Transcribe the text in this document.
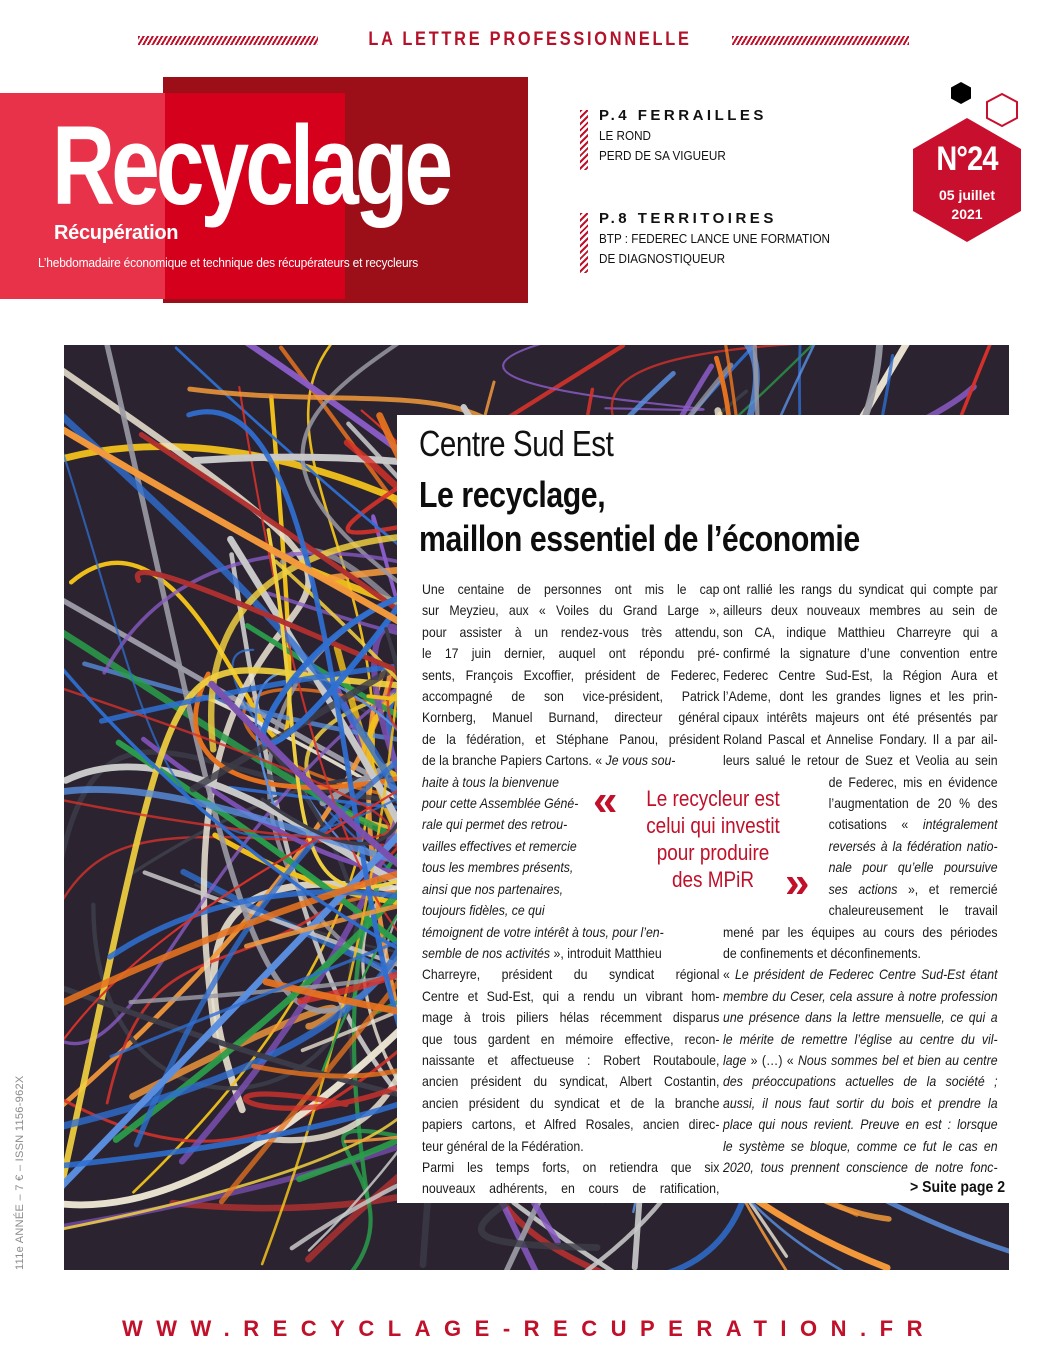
LA LETTRE PROFESSIONNELLE
Recyclage
Récupération
L’hebdomadaire économique et technique des récupérateurs et recycleurs
P.4 FERRAILLES
LE ROND
PERD DE SA VIGUEUR
P.8 TERRITOIRES
BTP : FEDEREC LANCE UNE FORMATION
DE DIAGNOSTIQUEUR
N°24
05 juillet
2021
Centre Sud Est
Le recyclage,
maillon essentiel de l’économie
Une centaine de personnes ont mis le cap
sur Meyzieu, aux « Voiles du Grand Large »,
pour assister à un rendez-vous très attendu,
le 17 juin dernier, auquel ont répondu pré-
sents, François Excoffier, président de Federec,
accompagné de son vice-président, Patrick
Kornberg, Manuel Burnand, directeur général
de la fédération, et Stéphane Panou, président
de la branche Papiers Cartons. « Je vous sou-
haite à tous la bienvenue
pour cette Assemblée Géné-
rale qui permet des retrou-
vailles effectives et remercie
tous les membres présents,
ainsi que nos partenaires,
toujours fidèles, ce qui
témoignent de votre intérêt à tous, pour l’en-
semble de nos activités », introduit Matthieu
Charreyre, président du syndicat régional
Centre et Sud-Est, qui a rendu un vibrant hom-
mage à trois piliers hélas récemment disparus
que tous gardent en mémoire effective, recon-
naissante et affectueuse : Robert Routaboule,
ancien président du syndicat, Albert Costantin,
ancien président du syndicat et de la branche
papiers cartons, et Alfred Rosales, ancien direc-
teur général de la Fédération.
Parmi les temps forts, on retiendra que six
nouveaux adhérents, en cours de ratification,
ont rallié les rangs du syndicat qui compte par
ailleurs deux nouveaux membres au sein de
son CA, indique Matthieu Charreyre qui a
confirmé la signature d’une convention entre
Federec Centre Sud-Est, la Région Aura et
l’Ademe, dont les grandes lignes et les prin-
cipaux intérêts majeurs ont été présentés par
Roland Pascal et Annelise Fondary. Il a par ail-
leurs salué le retour de Suez et Veolia au sein
de Federec, mis en évidence
l’augmentation de 20 % des
cotisations « intégralement
reversés à la fédération natio-
nale pour qu’elle poursuive
ses actions », et remercié
chaleureusement le travail
mené par les équipes au cours des périodes
de confinements et déconfinements.
« Le président de Federec Centre Sud-Est étant
membre du Ceser, cela assure à notre profession
une présence dans la lettre mensuelle, ce qui a
le mérite de remettre l’église au centre du vil-
lage » (…) « Nous sommes bel et bien au centre
des préoccupations actuelles de la société ;
aussi, il nous faut sortir du bois et prendre la
place qui nous revient. Preuve en est : lorsque
le système se bloque, comme ce fut le cas en
2020, tous prennent conscience de notre fonc-
« Le recycleur est
celui qui investit
pour produire
des MPiR »
> Suite page 2
111e ANNÉE – 7 € – ISSN 1156-962X
WWW.RECYCLAGE-RECUPERATION.FR
